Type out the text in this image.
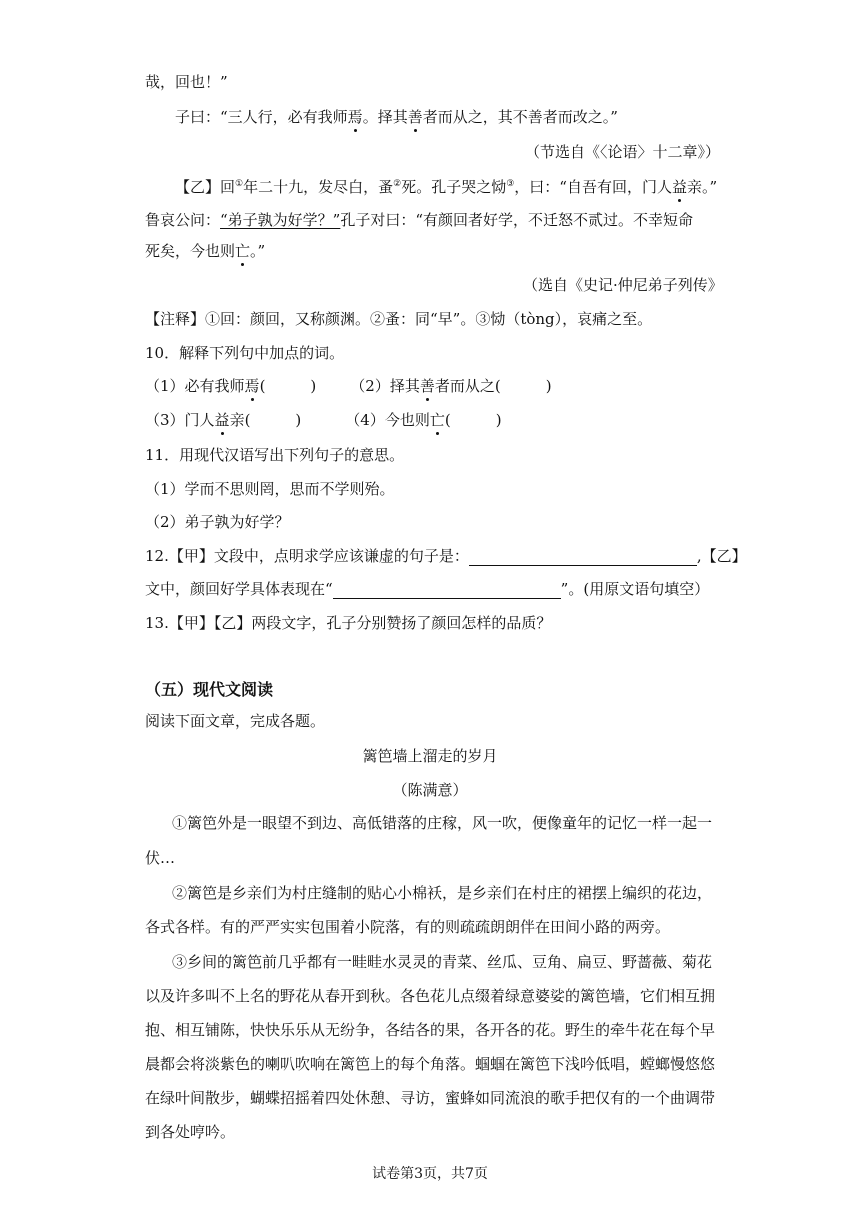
哉，回也！”
子曰：“三人行，必有我师焉。择其善者而从之，其不善者而改之。”
（节选自《〈论语〉十二章》）
【乙】回①年二十九，发尽白，蚤②死。孔子哭之恸③，曰：“自吾有回，门人益亲。”
鲁哀公问：“弟子孰为好学？”孔子对曰：“有颜回者好学，不迁怒不贰过。不幸短命
死矣，今也则亡。”
（选自《史记·仲尼弟子列传》
【注释】①回：颜回，又称颜渊。②蚤：同“早”。③恸（tòng），哀痛之至。
10．解释下列句中加点的词。
（1）必有我师焉(　　　) （2）择其善者而从之(　　　)
（3）门人益亲(　　　)	（4）今也则亡(　　　)
11．用现代汉语写出下列句子的意思。
（1）学而不思则罔，思而不学则殆。
（2）弟子孰为好学？
12.【甲】文段中，点明求学应该谦虚的句子是：	,【乙】
文中，颜回好学具体表现在“	”。(用原文语句填空）
13.【甲】【乙】两段文字，孔子分别赞扬了颜回怎样的品质？
（五）现代文阅读
阅读下面文章，完成各题。
篱笆墙上溜走的岁月
（陈满意）
①篱笆外是一眼望不到边、高低错落的庄稼，风一吹，便像童年的记忆一样一起一
伏…
②篱笆是乡亲们为村庄缝制的贴心小棉袄，是乡亲们在村庄的裙摆上编织的花边，
各式各样。有的严严实实包围着小院落，有的则疏疏朗朗伴在田间小路的两旁。
③乡间的篱笆前几乎都有一畦畦水灵灵的青菜、丝瓜、豆角、扁豆、野蔷薇、菊花
以及许多叫不上名的野花从春开到秋。各色花儿点缀着绿意婆娑的篱笆墙，它们相互拥
抱、相互铺陈，快快乐乐从无纷争，各结各的果，各开各的花。野生的牵牛花在每个早
晨都会将淡紫色的喇叭吹响在篱笆上的每个角落。蝈蝈在篱笆下浅吟低唱，螳螂慢悠悠
在绿叶间散步，蝴蝶招摇着四处休憩、寻访，蜜蜂如同流浪的歌手把仅有的一个曲调带
到各处哼吟。
试卷第3页，共7页
